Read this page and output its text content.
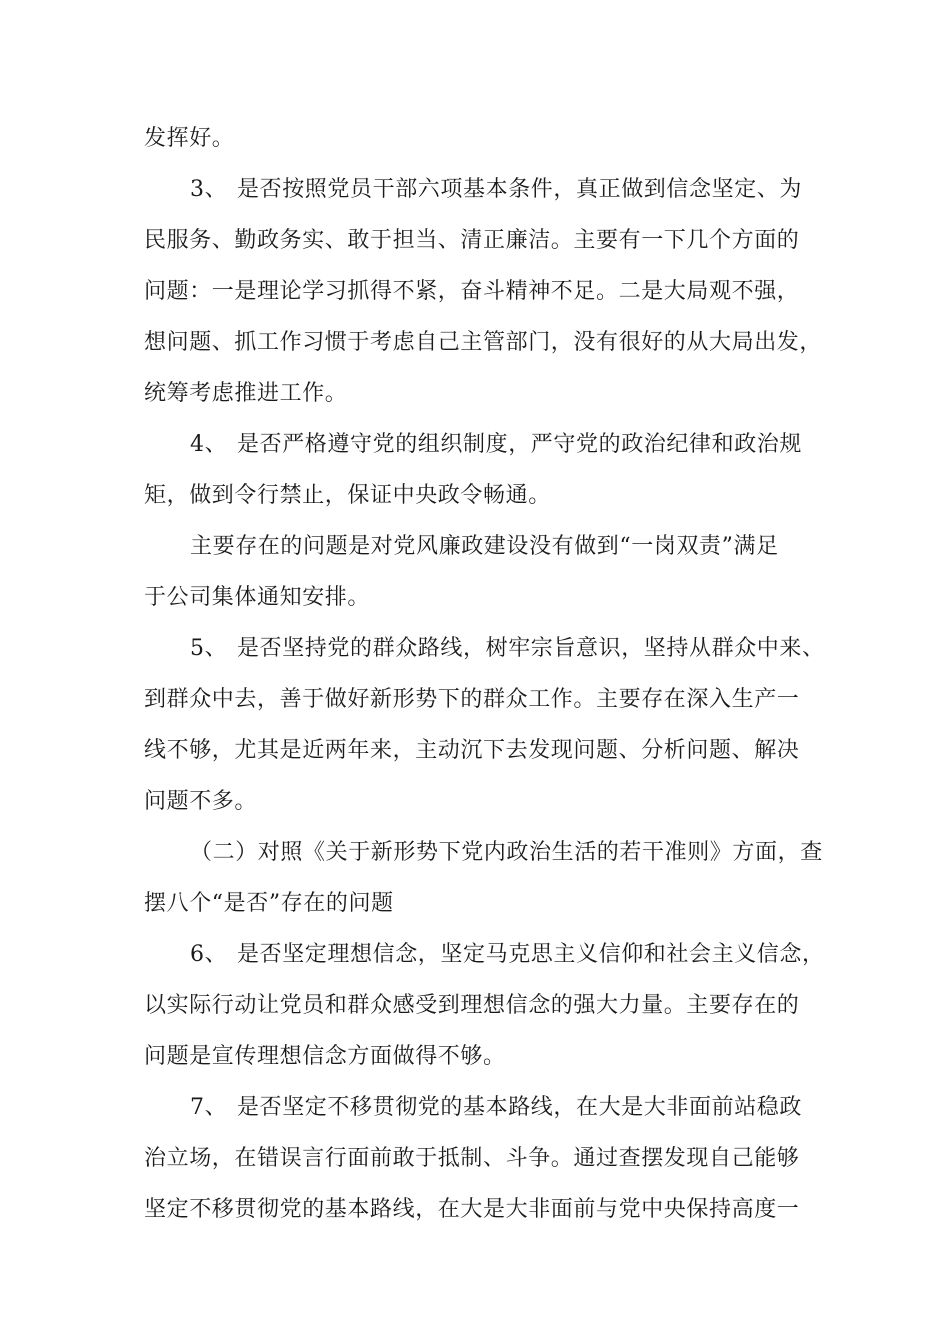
发挥好。
3、 是否按照党员干部六项基本条件，真正做到信念坚定、为
民服务、勤政务实、敢于担当、清正廉洁。主要有一下几个方面的
问题：一是理论学习抓得不紧，奋斗精神不足。二是大局观不强，
想问题、抓工作习惯于考虑自己主管部门，没有很好的从大局出发，
统筹考虑推进工作。
4、 是否严格遵守党的组织制度，严守党的政治纪律和政治规
矩，做到令行禁止，保证中央政令畅通。
主要存在的问题是对党风廉政建设没有做到“一岗双责”满足
于公司集体通知安排。
5、 是否坚持党的群众路线，树牢宗旨意识，坚持从群众中来、
到群众中去，善于做好新形势下的群众工作。主要存在深入生产一
线不够，尤其是近两年来，主动沉下去发现问题、分析问题、解决
问题不多。
（二）对照《关于新形势下党内政治生活的若干准则》方面，查
摆八个“是否”存在的问题
6、 是否坚定理想信念，坚定马克思主义信仰和社会主义信念，
以实际行动让党员和群众感受到理想信念的强大力量。主要存在的
问题是宣传理想信念方面做得不够。
7、 是否坚定不移贯彻党的基本路线，在大是大非面前站稳政
治立场，在错误言行面前敢于抵制、斗争。通过查摆发现自己能够
坚定不移贯彻党的基本路线，在大是大非面前与党中央保持高度一
